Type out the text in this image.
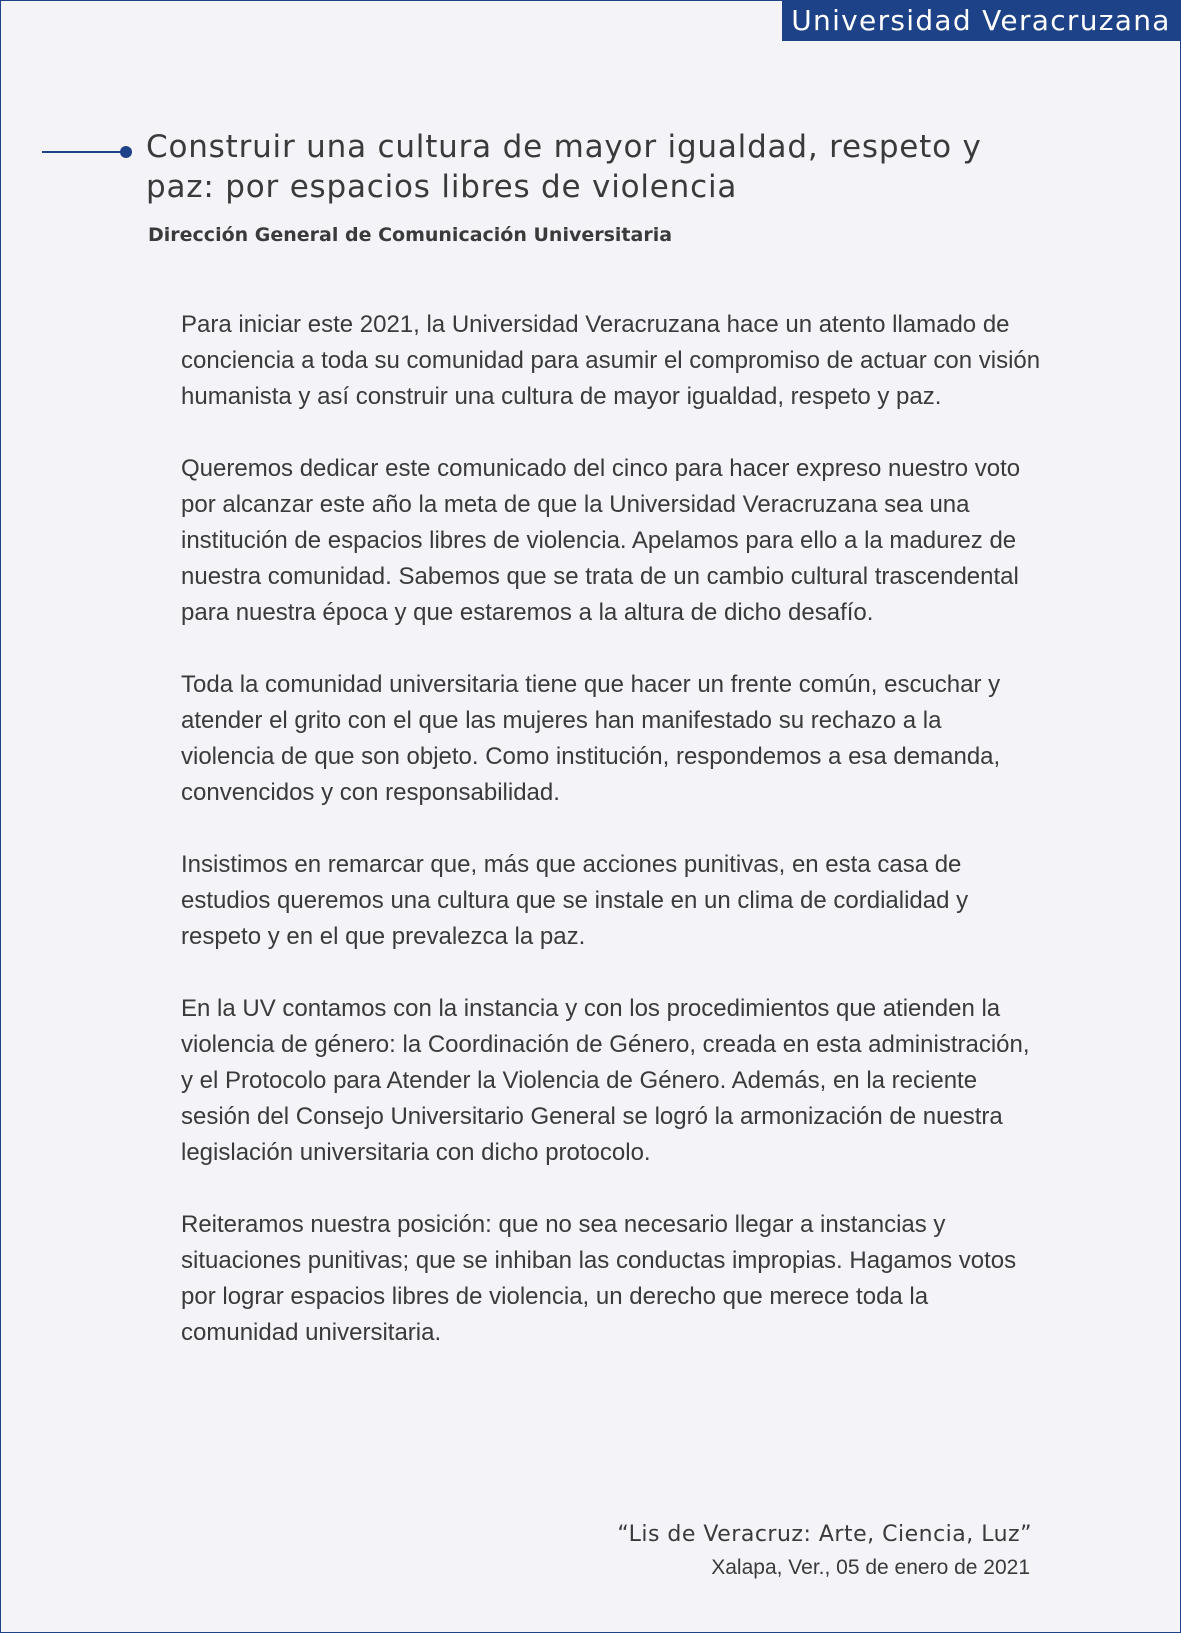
Universidad Veracruzana
Construir una cultura de mayor igualdad, respeto y paz: por espacios libres de violencia
Dirección General de Comunicación Universitaria

Para iniciar este 2021, la Universidad Veracruzana hace un atento llamado de conciencia a toda su comunidad para asumir el compromiso de actuar con visión humanista y así construir una cultura de mayor igualdad, respeto y paz.

Queremos dedicar este comunicado del cinco para hacer expreso nuestro voto por alcanzar este año la meta de que la Universidad Veracruzana sea una institución de espacios libres de violencia. Apelamos para ello a la madurez de nuestra comunidad. Sabemos que se trata de un cambio cultural trascendental para nuestra época y que estaremos a la altura de dicho desafío.

Toda la comunidad universitaria tiene que hacer un frente común, escuchar y atender el grito con el que las mujeres han manifestado su rechazo a la violencia de que son objeto. Como institución, respondemos a esa demanda, convencidos y con responsabilidad.

Insistimos en remarcar que, más que acciones punitivas, en esta casa de estudios queremos una cultura que se instale en un clima de cordialidad y respeto y en el que prevalezca la paz.

En la UV contamos con la instancia y con los procedimientos que atienden la violencia de género: la Coordinación de Género, creada en esta administración, y el Protocolo para Atender la Violencia de Género. Además, en la reciente sesión del Consejo Universitario General se logró la armonización de nuestra legislación universitaria con dicho protocolo.

Reiteramos nuestra posición: que no sea necesario llegar a instancias y situaciones punitivas; que se inhiban las conductas impropias. Hagamos votos por lograr espacios libres de violencia, un derecho que merece toda la comunidad universitaria.

“Lis de Veracruz: Arte, Ciencia, Luz”
Xalapa, Ver., 05 de enero de 2021
